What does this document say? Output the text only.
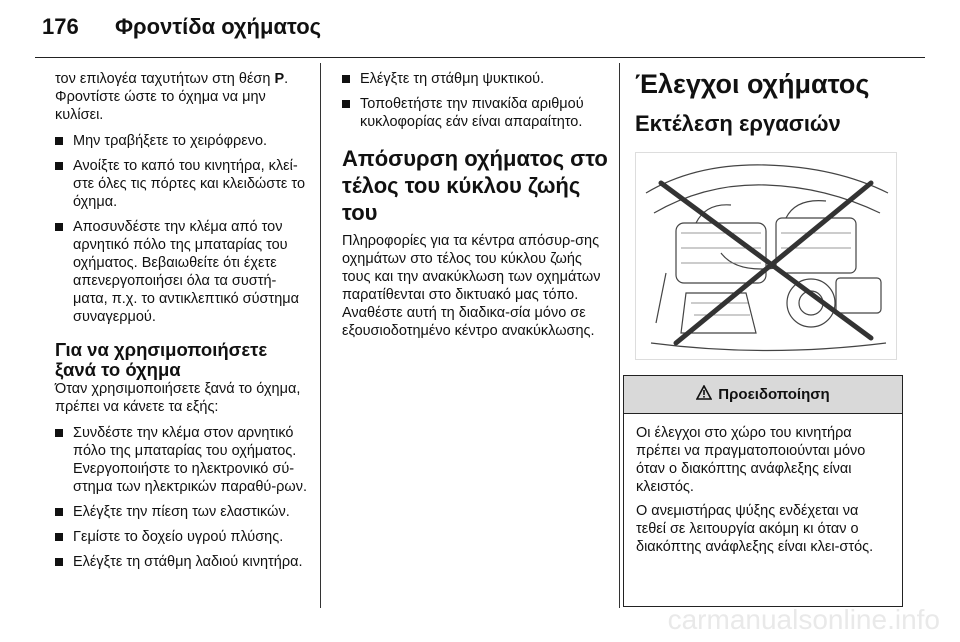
176 Φροντίδα οχήματος
τον επιλογέα ταχυτήτων στη θέση P. Φροντίστε ώστε το όχημα να μην κυλίσει.
Μην τραβήξετε το χειρόφρενο.
Ανοίξτε το καπό του κινητήρα, κλεί-στε όλες τις πόρτες και κλειδώστε το όχημα.
Αποσυνδέστε την κλέμα από τον αρνητικό πόλο της μπαταρίας του οχήματος. Βεβαιωθείτε ότι έχετε απενεργοποιήσει όλα τα συστή-ματα, π.χ. το αντικλεπτικό σύστημα συναγερμού.
Για να χρησιμοποιήσετε ξανά το όχημα
Όταν χρησιμοποιήσετε ξανά το όχημα, πρέπει να κάνετε τα εξής:
Συνδέστε την κλέμα στον αρνητικό πόλο της μπαταρίας του οχήματος. Ενεργοποιήστε το ηλεκτρονικό σύ-στημα των ηλεκτρικών παραθύ-ρων.
Ελέγξτε την πίεση των ελαστικών.
Γεμίστε το δοχείο υγρού πλύσης.
Ελέγξτε τη στάθμη λαδιού κινητήρα.
Ελέγξτε τη στάθμη ψυκτικού.
Τοποθετήστε την πινακίδα αριθμού κυκλοφορίας εάν είναι απαραίτητο.
Απόσυρση οχήματος στο τέλος του κύκλου ζωής του
Πληροφορίες για τα κέντρα απόσυρ-σης οχημάτων στο τέλος του κύκλου ζωής τους και την ανακύκλωση των οχημάτων παρατίθενται στο δικτυακό μας τόπο. Αναθέστε αυτή τη διαδικα-σία μόνο σε εξουσιοδοτημένο κέντρο ανακύκλωσης.
Έλεγχοι οχήματος
Εκτέλεση εργασιών
Προειδοποίηση
Οι έλεγχοι στο χώρο του κινητήρα πρέπει να πραγματοποιούνται μόνο όταν ο διακόπτης ανάφλεξης είναι κλειστός.
Ο ανεμιστήρας ψύξης ενδέχεται να τεθεί σε λειτουργία ακόμη κι όταν ο διακόπτης ανάφλεξης είναι κλει-στός.
carmanualsonline.info
